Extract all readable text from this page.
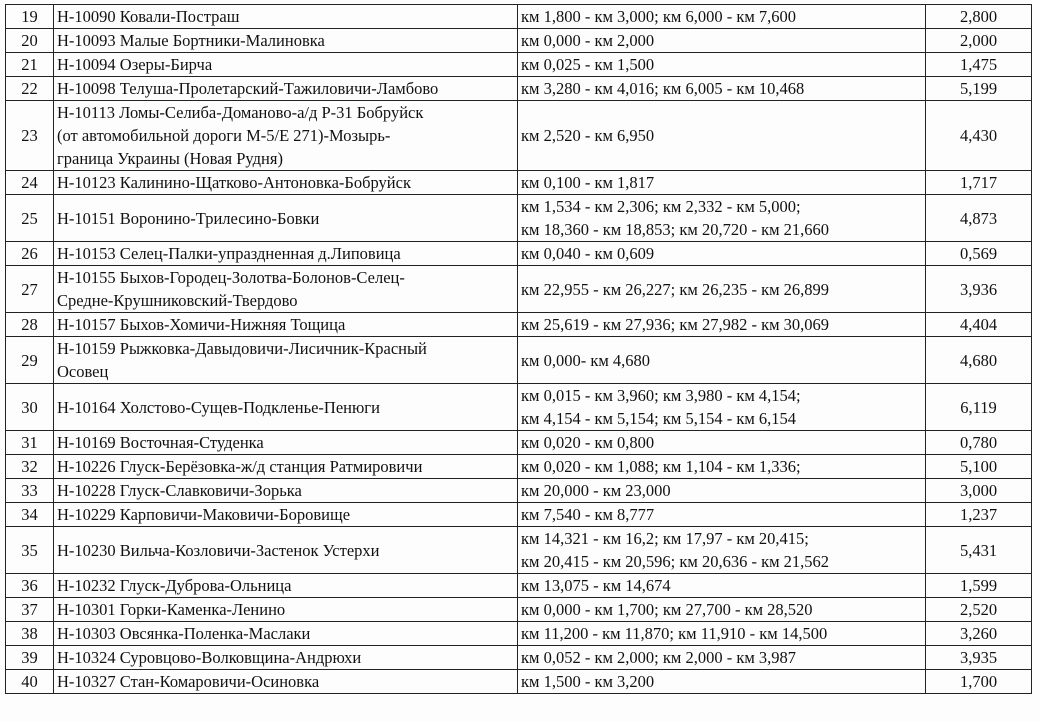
19	Н-10090 Ковали-Постраш	км 1,800 - км 3,000; км 6,000 - км 7,600	2,800
20	Н-10093 Малые Бортники-Малиновка	км 0,000 - км 2,000	2,000
21	Н-10094 Озеры-Бирча	км 0,025 - км 1,500	1,475
22	Н-10098 Телуша-Пролетарский-Тажиловичи-Ламбово	км 3,280 - км 4,016; км 6,005 - км 10,468	5,199
23	Н-10113 Ломы-Селиба-Доманово-а/д Р-31 Бобруйск
(от автомобильной дороги М-5/Е 271)-Мозырь-
граница Украины (Новая Рудня)	км 2,520 - км 6,950	4,430
24	Н-10123 Калинино-Щатково-Антоновка-Бобруйск	км 0,100 - км 1,817	1,717
25	Н-10151 Воронино-Трилесино-Бовки	км 1,534 - км 2,306; км 2,332 - км 5,000;
км 18,360 - км 18,853; км 20,720 - км 21,660	4,873
26	Н-10153 Селец-Палки-упраздненная д.Липовица	км 0,040 - км 0,609	0,569
27	Н-10155 Быхов-Городец-Золотва-Болонов-Селец-
Средне-Крушниковский-Твердово	км 22,955 - км 26,227; км 26,235 - км 26,899	3,936
28	Н-10157 Быхов-Хомичи-Нижняя Тощица	км 25,619 - км 27,936; км 27,982 - км 30,069	4,404
29	Н-10159 Рыжковка-Давыдовичи-Лисичник-Красный
Осовец	км 0,000- км 4,680	4,680
30	Н-10164 Холстово-Сущев-Подкленье-Пенюги	км 0,015 - км 3,960; км 3,980 - км 4,154;
км 4,154 - км 5,154; км 5,154 - км 6,154	6,119
31	Н-10169 Восточная-Студенка	км 0,020 - км 0,800	0,780
32	Н-10226 Глуск-Берёзовка-ж/д станция Ратмировичи	км 0,020 - км 1,088; км 1,104 - км 1,336;	5,100
33	Н-10228 Глуск-Славковичи-Зорька	км 20,000 - км 23,000	3,000
34	Н-10229 Карповичи-Маковичи-Боровище	км 7,540 - км 8,777	1,237
35	Н-10230 Вильча-Козловичи-Застенок Устерхи	км 14,321 - км 16,2; км 17,97 - км 20,415;
км 20,415 - км 20,596; км 20,636 - км 21,562	5,431
36	Н-10232 Глуск-Дуброва-Ольница	км 13,075 - км 14,674	1,599
37	Н-10301 Горки-Каменка-Ленино	км 0,000 - км 1,700; км 27,700 - км 28,520	2,520
38	Н-10303 Овсянка-Поленка-Маслаки	км 11,200 - км 11,870; км 11,910 - км 14,500	3,260
39	Н-10324 Суровцово-Волковщина-Андрюхи	км 0,052 - км 2,000; км 2,000 - км 3,987	3,935
40	Н-10327 Стан-Комаровичи-Осиновка	км 1,500 - км 3,200	1,700
